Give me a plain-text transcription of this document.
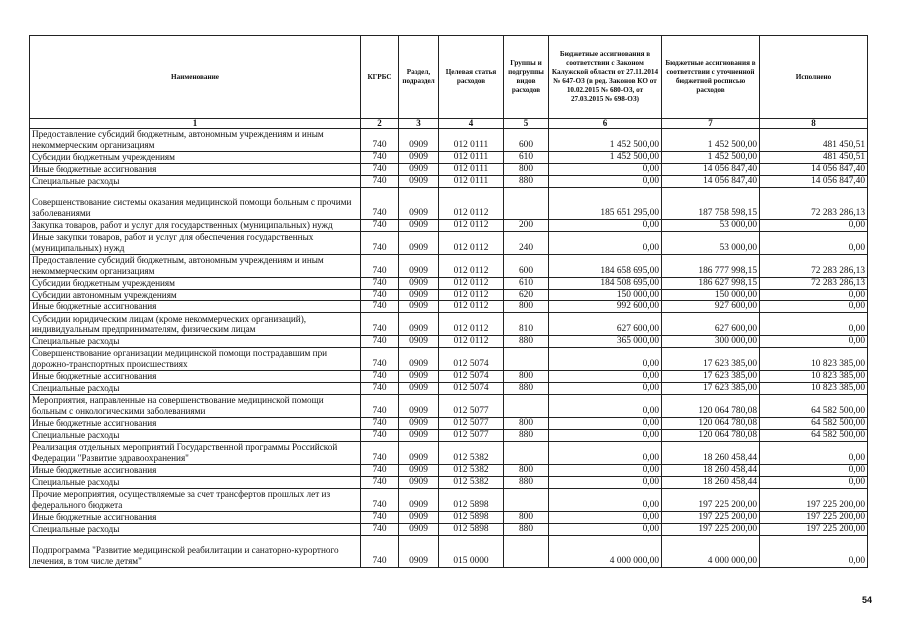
Наименование	КГРБС	Раздел, подраздел	Целевая статья расходов	Группы и подгруппы видов расходов	Бюджетные ассигнования в соответствии с Законом Калужской области от 27.11.2014 № 647-ОЗ (в ред. Законов КО от 10.02.2015 № 680-ОЗ, от 27.03.2015 № 698-ОЗ)	Бюджетные ассигнования в соответствии с уточненной бюджетной росписью расходов	Исполнено
1	2	3	4	5	6	7	8
Предоставление субсидий бюджетным, автономным учреждениям и иным некоммерческим организациям	740	0909	012 0111	600	1 452 500,00	1 452 500,00	481 450,51
Субсидии бюджетным учреждениям	740	0909	012 0111	610	1 452 500,00	1 452 500,00	481 450,51
Иные бюджетные ассигнования	740	0909	012 0111	800	0,00	14 056 847,40	14 056 847,40
Специальные расходы	740	0909	012 0111	880	0,00	14 056 847,40	14 056 847,40
Совершенствование системы оказания медицинской помощи больным с прочими заболеваниями	740	0909	012 0112		185 651 295,00	187 758 598,15	72 283 286,13
Закупка товаров, работ и услуг для государственных (муниципальных) нужд	740	0909	012 0112	200	0,00	53 000,00	0,00
Иные закупки товаров, работ и услуг для обеспечения государственных (муниципальных) нужд	740	0909	012 0112	240	0,00	53 000,00	0,00
Предоставление субсидий бюджетным, автономным учреждениям и иным некоммерческим организациям	740	0909	012 0112	600	184 658 695,00	186 777 998,15	72 283 286,13
Субсидии бюджетным учреждениям	740	0909	012 0112	610	184 508 695,00	186 627 998,15	72 283 286,13
Субсидии автономным учреждениям	740	0909	012 0112	620	150 000,00	150 000,00	0,00
Иные бюджетные ассигнования	740	0909	012 0112	800	992 600,00	927 600,00	0,00
Субсидии юридическим лицам (кроме некоммерческих организаций), индивидуальным предпринимателям, физическим лицам	740	0909	012 0112	810	627 600,00	627 600,00	0,00
Специальные расходы	740	0909	012 0112	880	365 000,00	300 000,00	0,00
Совершенствование организации медицинской помощи пострадавшим при дорожно-транспортных происшествиях	740	0909	012 5074		0,00	17 623 385,00	10 823 385,00
Иные бюджетные ассигнования	740	0909	012 5074	800	0,00	17 623 385,00	10 823 385,00
Специальные расходы	740	0909	012 5074	880	0,00	17 623 385,00	10 823 385,00
Мероприятия, направленные на совершенствование медицинской помощи больным с онкологическими заболеваниями	740	0909	012 5077		0,00	120 064 780,08	64 582 500,00
Иные бюджетные ассигнования	740	0909	012 5077	800	0,00	120 064 780,08	64 582 500,00
Специальные расходы	740	0909	012 5077	880	0,00	120 064 780,08	64 582 500,00
Реализация отдельных мероприятий Государственной программы Российской Федерации "Развитие здравоохранения"	740	0909	012 5382		0,00	18 260 458,44	0,00
Иные бюджетные ассигнования	740	0909	012 5382	800	0,00	18 260 458,44	0,00
Специальные расходы	740	0909	012 5382	880	0,00	18 260 458,44	0,00
Прочие мероприятия, осуществляемые за счет трансфертов прошлых лет из федерального бюджета	740	0909	012 5898		0,00	197 225 200,00	197 225 200,00
Иные бюджетные ассигнования	740	0909	012 5898	800	0,00	197 225 200,00	197 225 200,00
Специальные расходы	740	0909	012 5898	880	0,00	197 225 200,00	197 225 200,00
Подпрограмма "Развитие медицинской реабилитации и санаторно-курортного лечения, в том числе детям"	740	0909	015 0000		4 000 000,00	4 000 000,00	0,00
54
